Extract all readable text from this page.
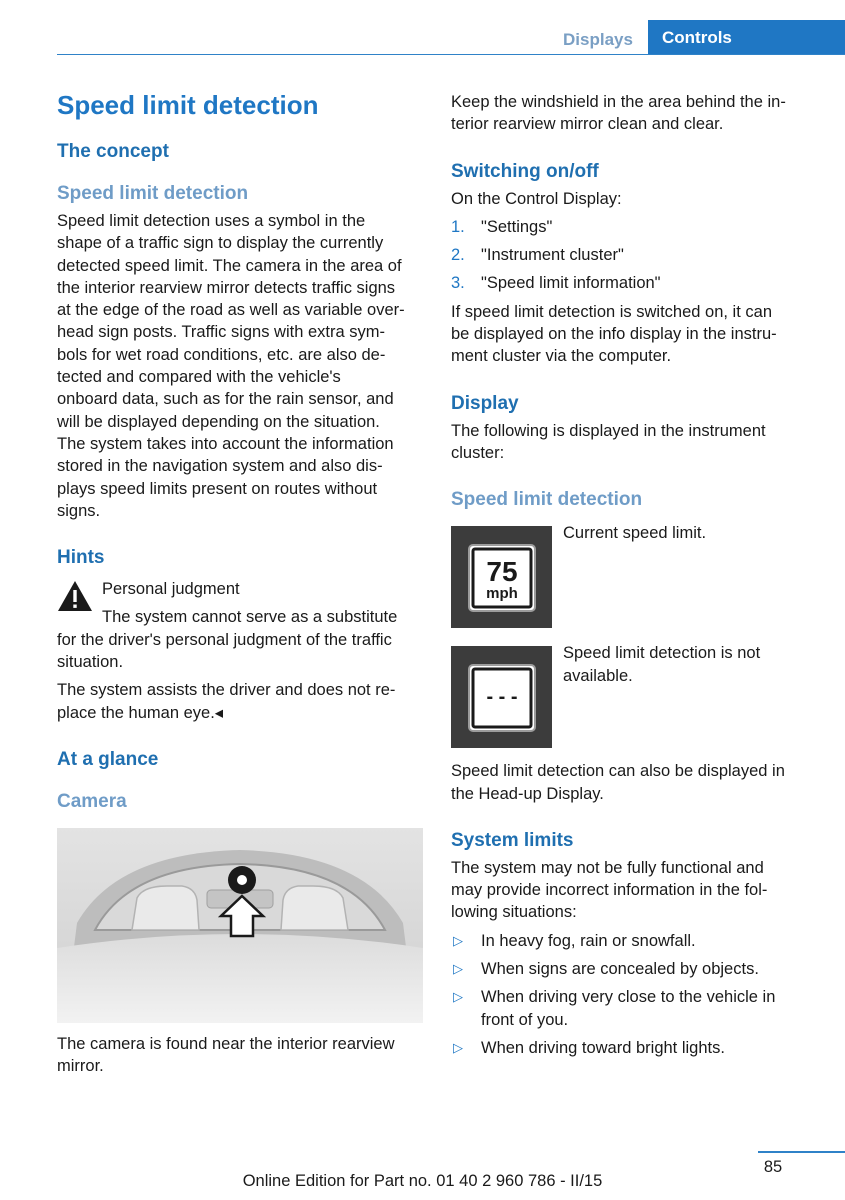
Displays	Controls
Speed limit detection
The concept
Speed limit detection
Speed limit detection uses a symbol in the
shape of a traffic sign to display the currently
detected speed limit. The camera in the area of
the interior rearview mirror detects traffic signs
at the edge of the road as well as variable over‐
head sign posts. Traffic signs with extra sym‐
bols for wet road conditions, etc. are also de‐
tected and compared with the vehicle's
onboard data, such as for the rain sensor, and
will be displayed depending on the situation.
The system takes into account the information
stored in the navigation system and also dis‐
plays speed limits present on routes without
signs.
Hints
Personal judgment
The system cannot serve as a substitute
for the driver's personal judgment of the traffic
situation.
The system assists the driver and does not re‐
place the human eye.◂
At a glance
Camera
The camera is found near the interior rearview
mirror.
Keep the windshield in the area behind the in‐
terior rearview mirror clean and clear.
Switching on/off
On the Control Display:
1. "Settings"
2. "Instrument cluster"
3. "Speed limit information"
If speed limit detection is switched on, it can
be displayed on the info display in the instru‐
ment cluster via the computer.
Display
The following is displayed in the instrument
cluster:
Speed limit detection
75
mph
Current speed limit.
- - -
Speed limit detection is not
available.
Speed limit detection can also be displayed in
the Head-up Display.
System limits
The system may not be fully functional and
may provide incorrect information in the fol‐
lowing situations:
▷ In heavy fog, rain or snowfall.
▷ When signs are concealed by objects.
▷ When driving very close to the vehicle in
front of you.
▷ When driving toward bright lights.
85
Online Edition for Part no. 01 40 2 960 786 - II/15
